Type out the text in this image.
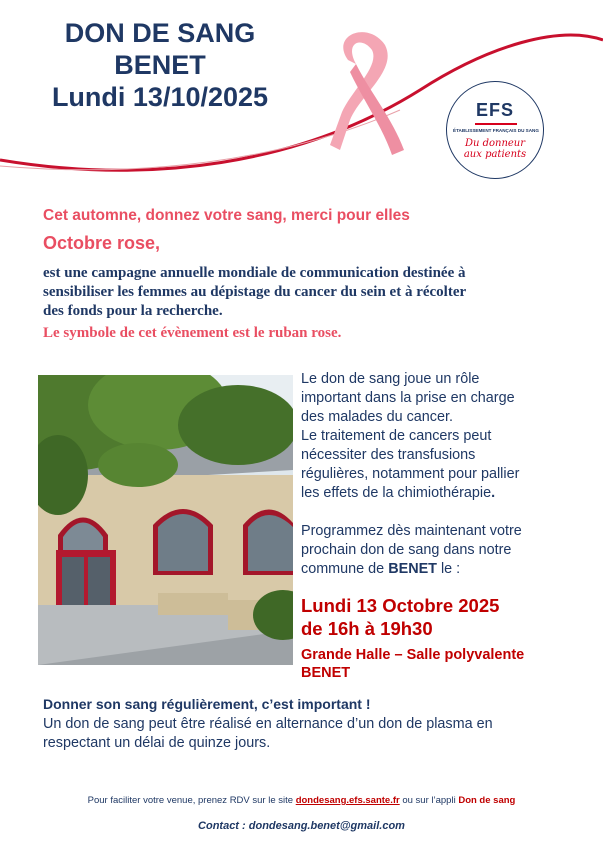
DON DE SANG
BENET
Lundi 13/10/2025	EFS
ÉTABLISSEMENT FRANÇAIS DU SANG
Du donneur
aux patients
Cet automne, donnez votre sang, merci pour elles
Octobre rose,
est une campagne annuelle mondiale de communication destinée à
sensibiliser les femmes au dépistage du cancer du sein et à récolter
des fonds pour la recherche.
Le symbole de cet évènement est le ruban rose.
Le don de sang joue un rôle
important dans la prise en charge
des malades du cancer.
Le traitement de cancers peut
nécessiter des transfusions
régulières, notamment pour pallier
les effets de la chimiothérapie.
Programmez dès maintenant votre
prochain don de sang dans notre
commune de BENET le :
Lundi 13 Octobre 2025
de 16h à 19h30
Grande Halle – Salle polyvalente
BENET
Donner son sang régulièrement, c’est important !
Un don de sang peut être réalisé en alternance d’un don de plasma en
respectant un délai de quinze jours.
Pour faciliter votre venue, prenez RDV sur le site dondesang.efs.sante.fr ou sur l’appli Don de sang
Contact : dondesang.benet@gmail.com
